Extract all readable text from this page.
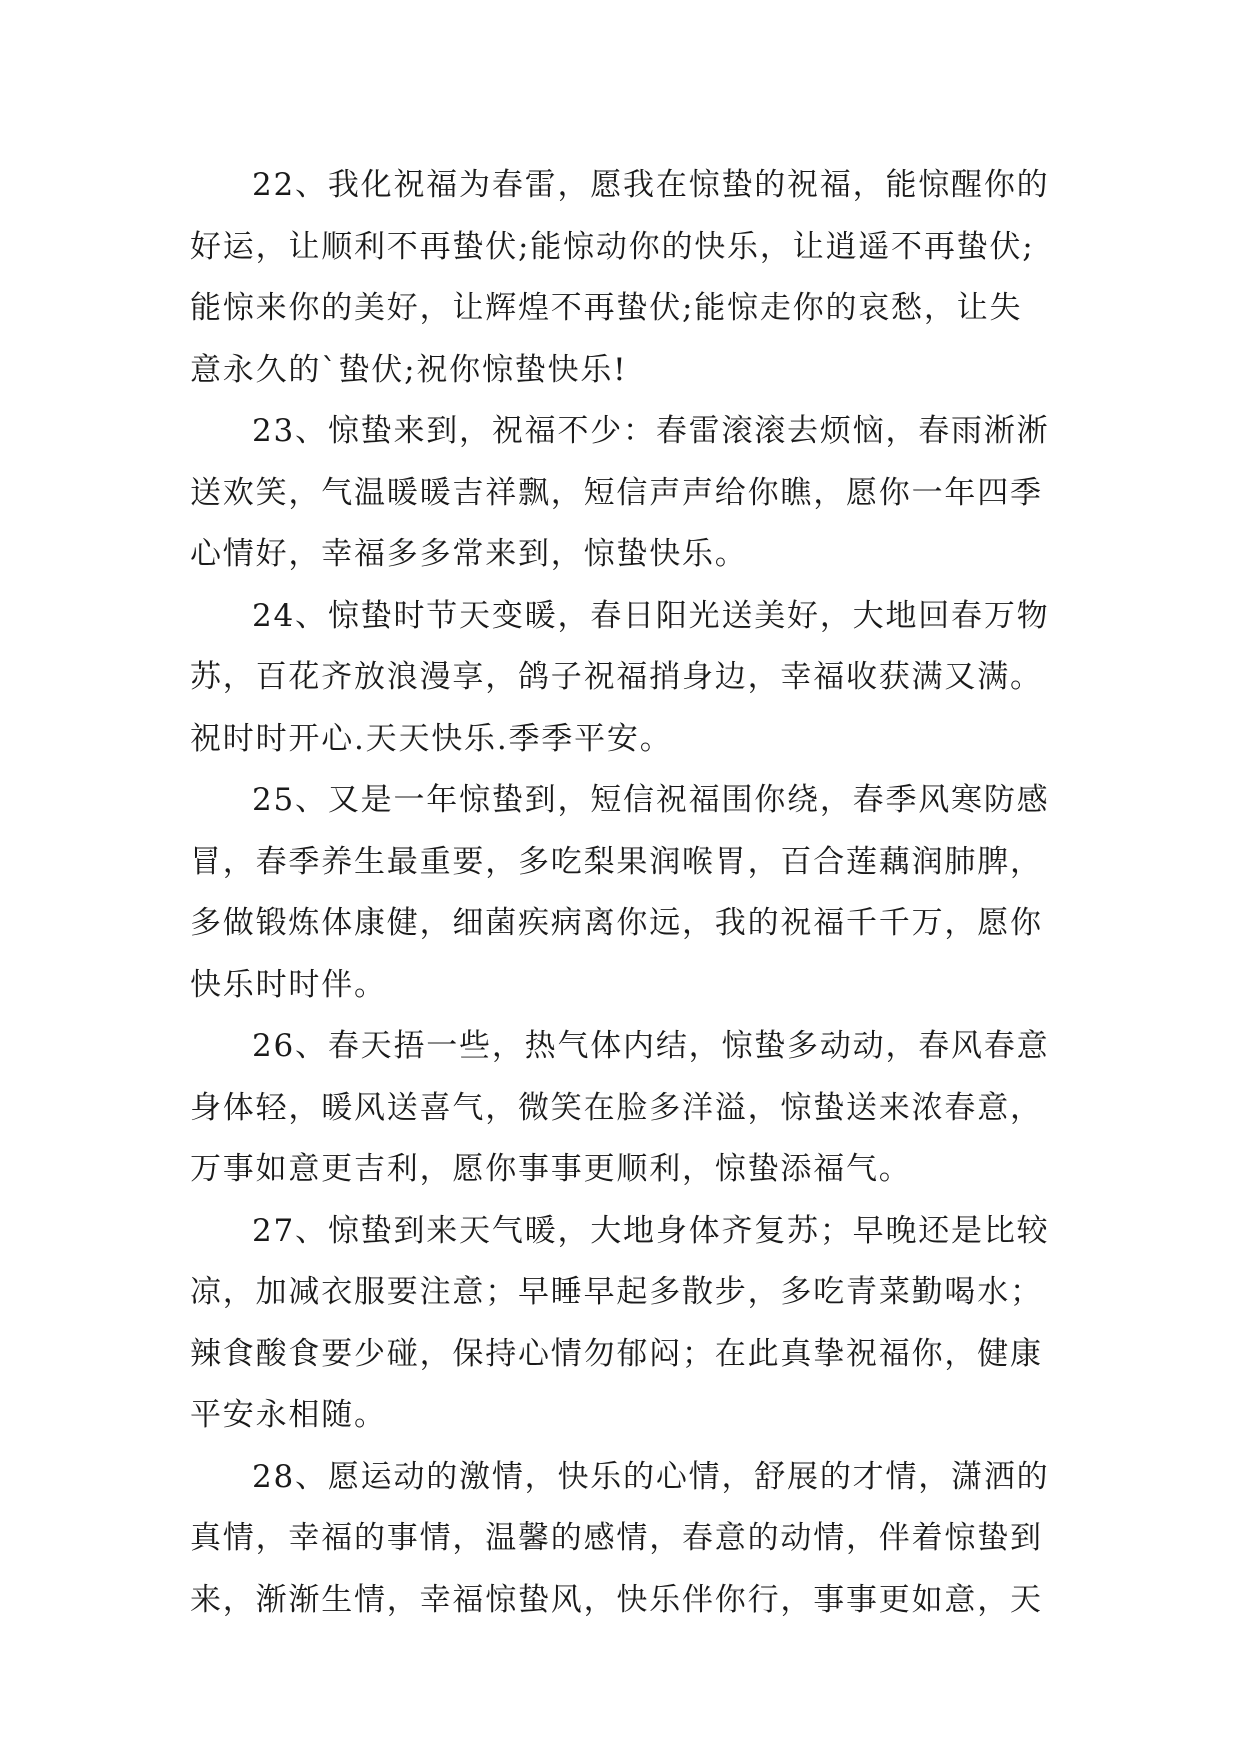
22、我化祝福为春雷，愿我在惊蛰的祝福，能惊醒你的
好运，让顺利不再蛰伏;能惊动你的快乐，让逍遥不再蛰伏;
能惊来你的美好，让辉煌不再蛰伏;能惊走你的哀愁，让失
意永久的`蛰伏;祝你惊蛰快乐!
23、惊蛰来到，祝福不少：春雷滚滚去烦恼，春雨淅淅
送欢笑，气温暖暖吉祥飘，短信声声给你瞧，愿你一年四季
心情好，幸福多多常来到，惊蛰快乐。
24、惊蛰时节天变暖，春日阳光送美好，大地回春万物
苏，百花齐放浪漫享，鸽子祝福捎身边，幸福收获满又满。
祝时时开心.天天快乐.季季平安。
25、又是一年惊蛰到，短信祝福围你绕，春季风寒防感
冒，春季养生最重要，多吃梨果润喉胃，百合莲藕润肺脾，
多做锻炼体康健，细菌疾病离你远，我的祝福千千万，愿你
快乐时时伴。
26、春天捂一些，热气体内结，惊蛰多动动，春风春意
身体轻，暖风送喜气，微笑在脸多洋溢，惊蛰送来浓春意，
万事如意更吉利，愿你事事更顺利，惊蛰添福气。
27、惊蛰到来天气暖，大地身体齐复苏；早晚还是比较
凉，加减衣服要注意；早睡早起多散步，多吃青菜勤喝水；
辣食酸食要少碰，保持心情勿郁闷；在此真挚祝福你，健康
平安永相随。
28、愿运动的激情，快乐的心情，舒展的才情，潇洒的
真情，幸福的事情，温馨的感情，春意的动情，伴着惊蛰到
来，渐渐生情，幸福惊蛰风，快乐伴你行，事事更如意，天
